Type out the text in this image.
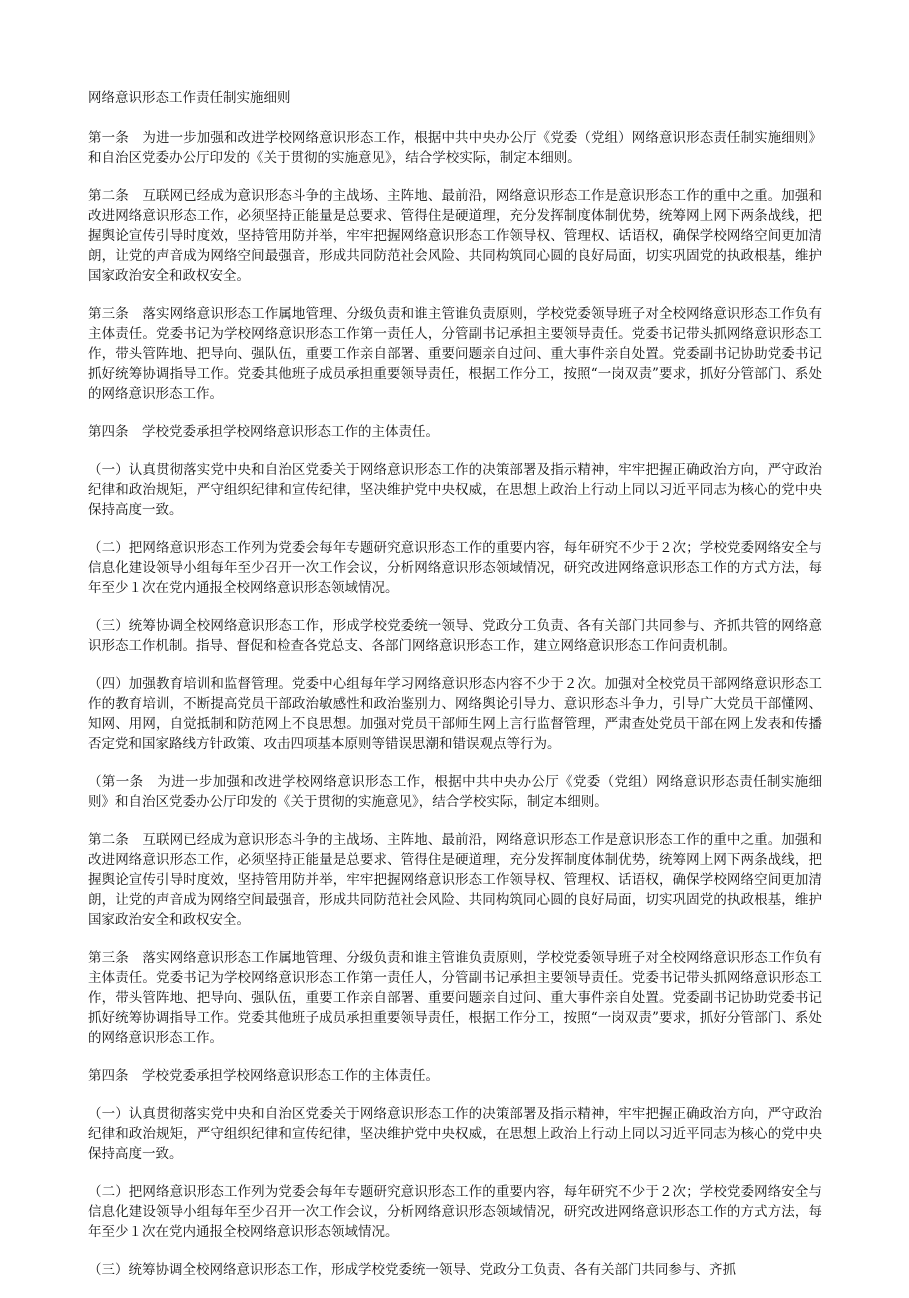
网络意识形态工作责任制实施细则

第一条　为进一步加强和改进学校网络意识形态工作，根据中共中央办公厅《党委（党组）网络意识形态责任制实施细则》和自治区党委办公厅印发的《关于贯彻的实施意见》，结合学校实际，制定本细则。

第二条　互联网已经成为意识形态斗争的主战场、主阵地、最前沿，网络意识形态工作是意识形态工作的重中之重。加强和改进网络意识形态工作，必须坚持正能量是总要求、管得住是硬道理，充分发挥制度体制优势，统筹网上网下两条战线，把握舆论宣传引导时度效，坚持管用防并举，牢牢把握网络意识形态工作领导权、管理权、话语权，确保学校网络空间更加清朗，让党的声音成为网络空间最强音，形成共同防范社会风险、共同构筑同心圆的良好局面，切实巩固党的执政根基，维护国家政治安全和政权安全。

第三条　落实网络意识形态工作属地管理、分级负责和谁主管谁负责原则，学校党委领导班子对全校网络意识形态工作负有主体责任。党委书记为学校网络意识形态工作第一责任人，分管副书记承担主要领导责任。党委书记带头抓网络意识形态工作，带头管阵地、把导向、强队伍，重要工作亲自部署、重要问题亲自过问、重大事件亲自处置。党委副书记协助党委书记抓好统筹协调指导工作。党委其他班子成员承担重要领导责任，根据工作分工，按照“一岗双责”要求，抓好分管部门、系处的网络意识形态工作。

第四条　学校党委承担学校网络意识形态工作的主体责任。

（一）认真贯彻落实党中央和自治区党委关于网络意识形态工作的决策部署及指示精神，牢牢把握正确政治方向，严守政治纪律和政治规矩，严守组织纪律和宣传纪律，坚决维护党中央权威，在思想上政治上行动上同以习近平同志为核心的党中央保持高度一致。

（二）把网络意识形态工作列为党委会每年专题研究意识形态工作的重要内容，每年研究不少于２次；学校党委网络安全与信息化建设领导小组每年至少召开一次工作会议，分析网络意识形态领域情况，研究改进网络意识形态工作的方式方法，每年至少１次在党内通报全校网络意识形态领域情况。

（三）统筹协调全校网络意识形态工作，形成学校党委统一领导、党政分工负责、各有关部门共同参与、齐抓共管的网络意识形态工作机制。指导、督促和检查各党总支、各部门网络意识形态工作，建立网络意识形态工作问责机制。

（四）加强教育培训和监督管理。党委中心组每年学习网络意识形态内容不少于２次。加强对全校党员干部网络意识形态工作的教育培训，不断提高党员干部政治敏感性和政治鉴别力、网络舆论引导力、意识形态斗争力，引导广大党员干部懂网、知网、用网，自觉抵制和防范网上不良思想。加强对党员干部师生网上言行监督管理，严肃查处党员干部在网上发表和传播否定党和国家路线方针政策、攻击四项基本原则等错误思潮和错误观点等行为。

（第一条　为进一步加强和改进学校网络意识形态工作，根据中共中央办公厅《党委（党组）网络意识形态责任制实施细则》和自治区党委办公厅印发的《关于贯彻的实施意见》，结合学校实际，制定本细则。

第二条　互联网已经成为意识形态斗争的主战场、主阵地、最前沿，网络意识形态工作是意识形态工作的重中之重。加强和改进网络意识形态工作，必须坚持正能量是总要求、管得住是硬道理，充分发挥制度体制优势，统筹网上网下两条战线，把握舆论宣传引导时度效，坚持管用防并举，牢牢把握网络意识形态工作领导权、管理权、话语权，确保学校网络空间更加清朗，让党的声音成为网络空间最强音，形成共同防范社会风险、共同构筑同心圆的良好局面，切实巩固党的执政根基，维护国家政治安全和政权安全。

第三条　落实网络意识形态工作属地管理、分级负责和谁主管谁负责原则，学校党委领导班子对全校网络意识形态工作负有主体责任。党委书记为学校网络意识形态工作第一责任人，分管副书记承担主要领导责任。党委书记带头抓网络意识形态工作，带头管阵地、把导向、强队伍，重要工作亲自部署、重要问题亲自过问、重大事件亲自处置。党委副书记协助党委书记抓好统筹协调指导工作。党委其他班子成员承担重要领导责任，根据工作分工，按照“一岗双责”要求，抓好分管部门、系处的网络意识形态工作。

第四条　学校党委承担学校网络意识形态工作的主体责任。

（一）认真贯彻落实党中央和自治区党委关于网络意识形态工作的决策部署及指示精神，牢牢把握正确政治方向，严守政治纪律和政治规矩，严守组织纪律和宣传纪律，坚决维护党中央权威，在思想上政治上行动上同以习近平同志为核心的党中央保持高度一致。

（二）把网络意识形态工作列为党委会每年专题研究意识形态工作的重要内容，每年研究不少于２次；学校党委网络安全与信息化建设领导小组每年至少召开一次工作会议，分析网络意识形态领域情况，研究改进网络意识形态工作的方式方法，每年至少１次在党内通报全校网络意识形态领域情况。

（三）统筹协调全校网络意识形态工作，形成学校党委统一领导、党政分工负责、各有关部门共同参与、齐抓
